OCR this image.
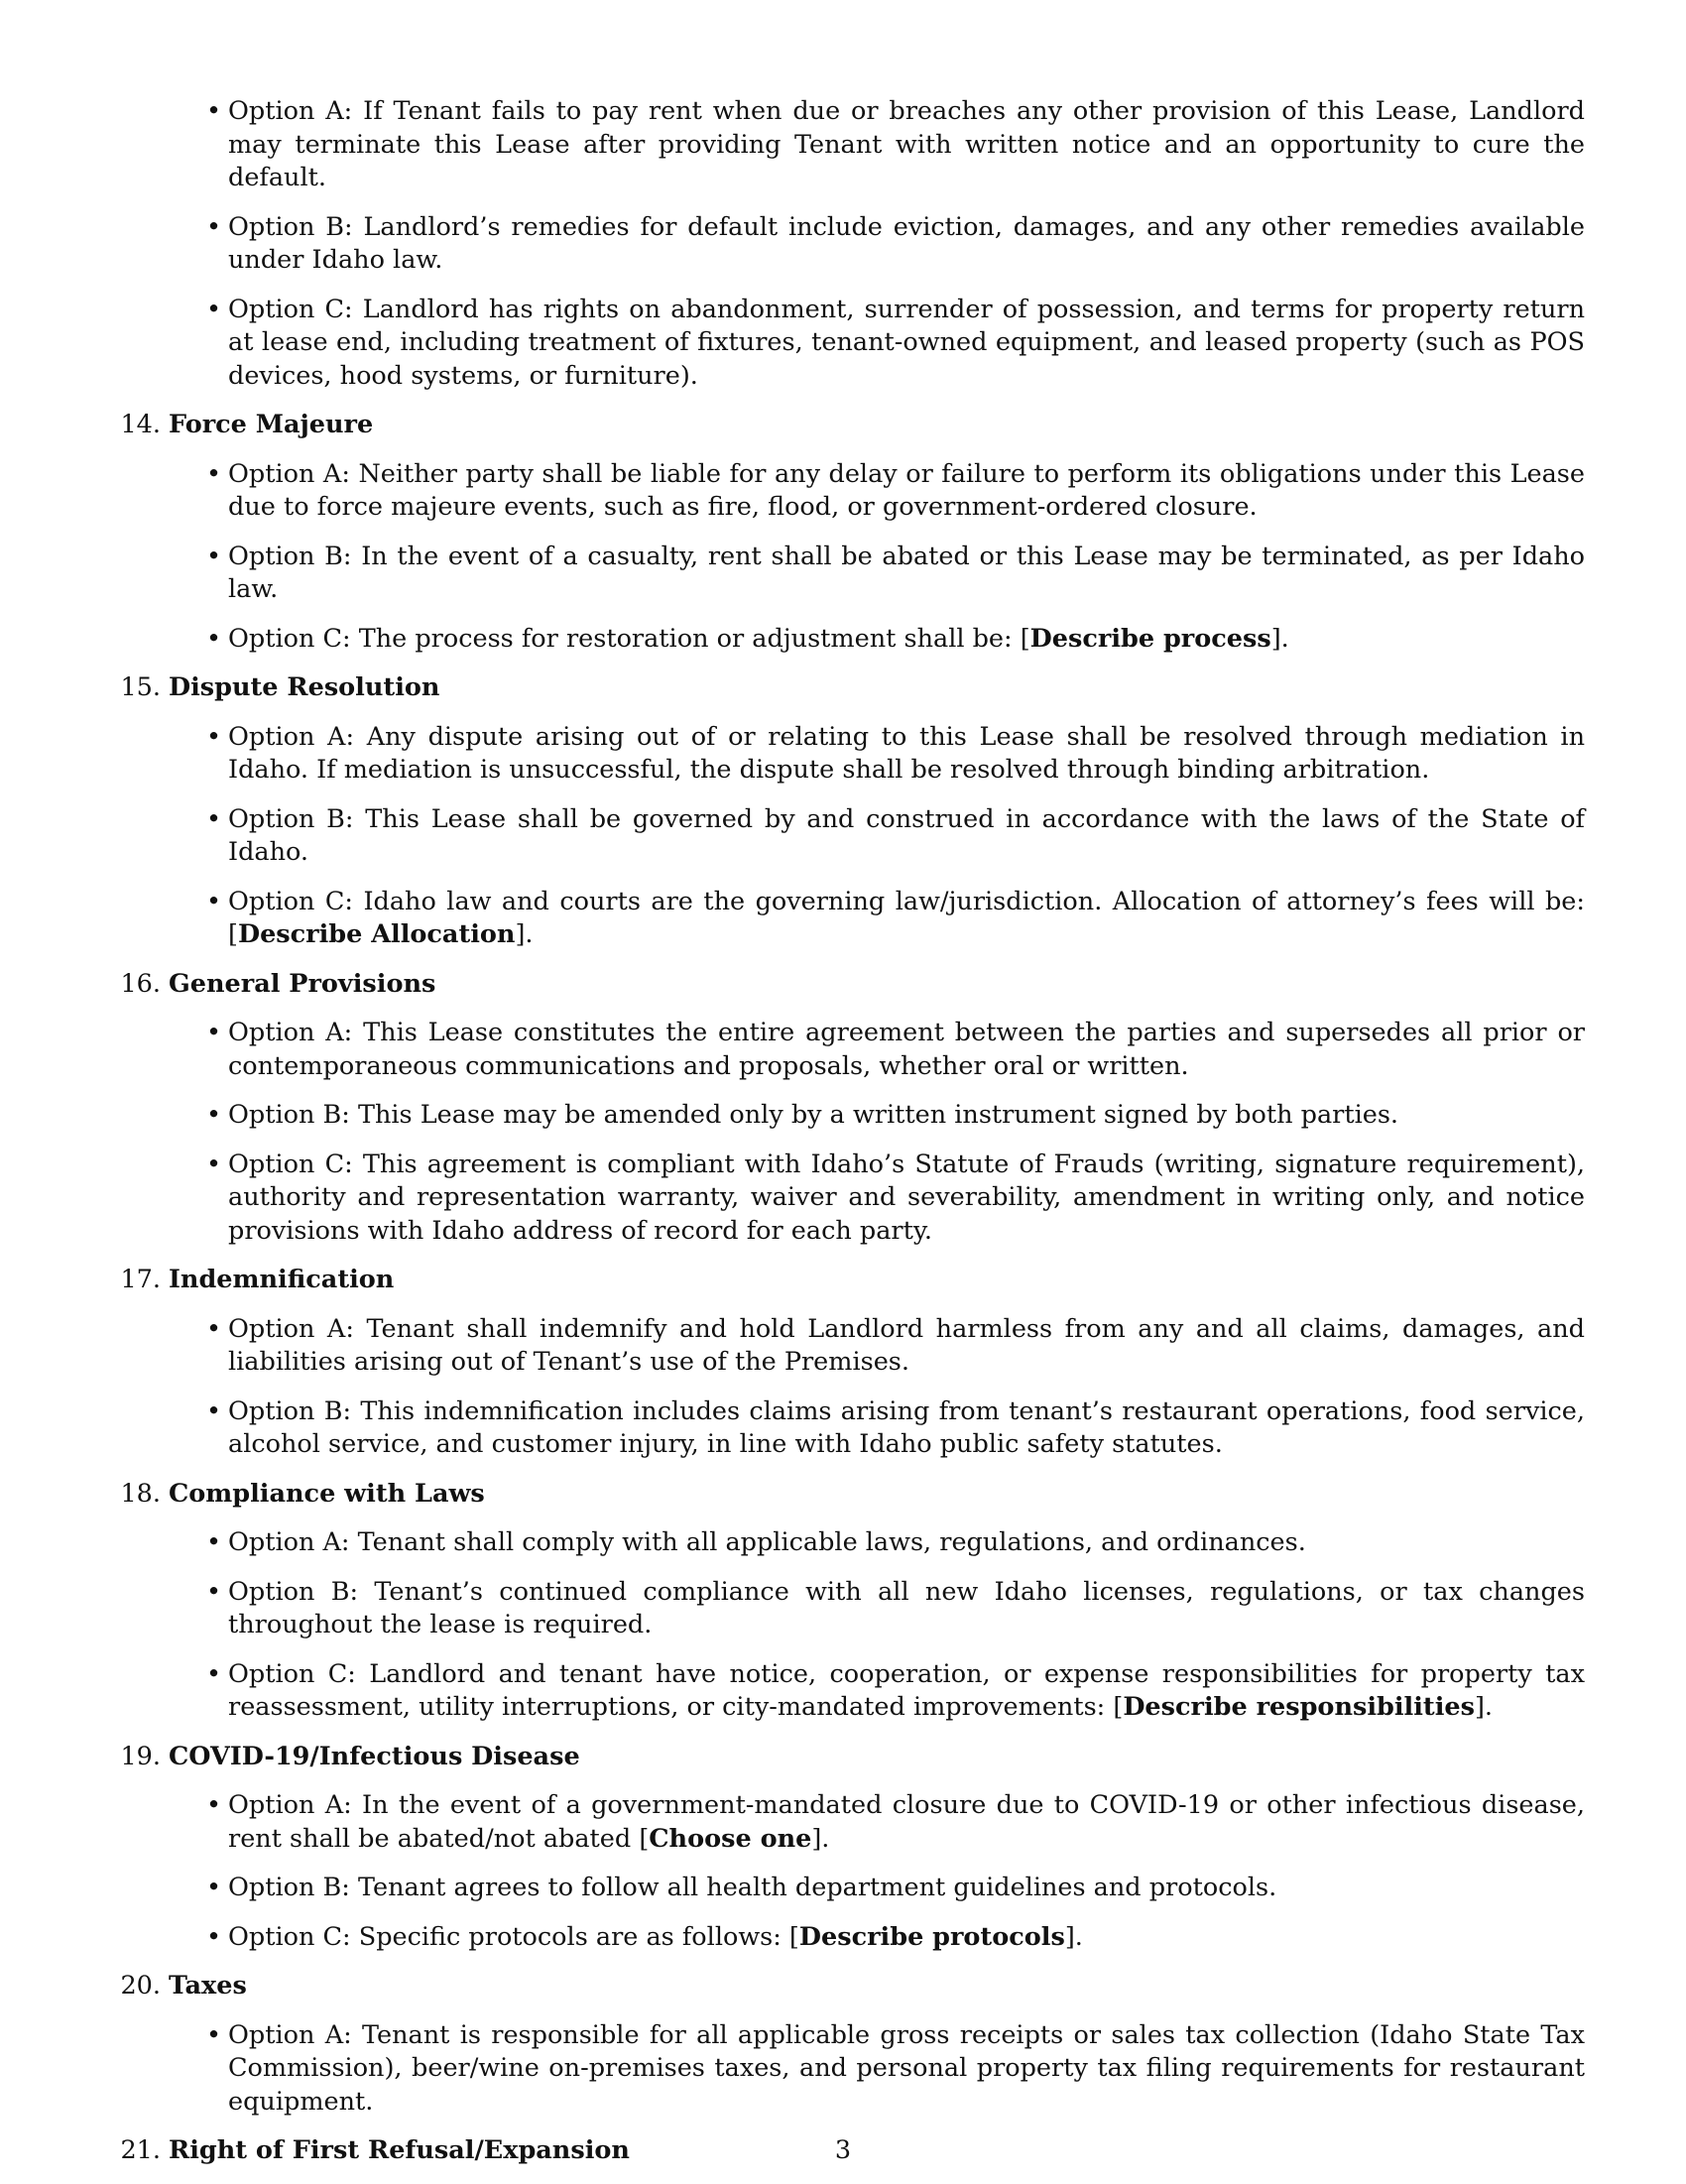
• Option A: If Tenant fails to pay rent when due or breaches any other provision of this Lease, Landlord may terminate this Lease after providing Tenant with written notice and an opportunity to cure the default.
• Option B: Landlord’s remedies for default include eviction, damages, and any other remedies available under Idaho law.
• Option C: Landlord has rights on abandonment, surrender of possession, and terms for property return at lease end, including treatment of fixtures, tenant-owned equipment, and leased property (such as POS devices, hood systems, or furniture).
14. Force Majeure
• Option A: Neither party shall be liable for any delay or failure to perform its obligations under this Lease due to force majeure events, such as fire, flood, or government-ordered closure.
• Option B: In the event of a casualty, rent shall be abated or this Lease may be terminated, as per Idaho law.
• Option C: The process for restoration or adjustment shall be: [Describe process].
15. Dispute Resolution
• Option A: Any dispute arising out of or relating to this Lease shall be resolved through mediation in Idaho. If mediation is unsuccessful, the dispute shall be resolved through binding arbitration.
• Option B: This Lease shall be governed by and construed in accordance with the laws of the State of Idaho.
• Option C: Idaho law and courts are the governing law/jurisdiction. Allocation of attorney’s fees will be: [Describe Allocation].
16. General Provisions
• Option A: This Lease constitutes the entire agreement between the parties and supersedes all prior or contemporaneous communications and proposals, whether oral or written.
• Option B: This Lease may be amended only by a written instrument signed by both parties.
• Option C: This agreement is compliant with Idaho’s Statute of Frauds (writing, signature requirement), authority and representation warranty, waiver and severability, amendment in writing only, and notice provisions with Idaho address of record for each party.
17. Indemnification
• Option A: Tenant shall indemnify and hold Landlord harmless from any and all claims, damages, and liabilities arising out of Tenant’s use of the Premises.
• Option B: This indemnification includes claims arising from tenant’s restaurant operations, food service, alcohol service, and customer injury, in line with Idaho public safety statutes.
18. Compliance with Laws
• Option A: Tenant shall comply with all applicable laws, regulations, and ordinances.
• Option B: Tenant’s continued compliance with all new Idaho licenses, regulations, or tax changes throughout the lease is required.
• Option C: Landlord and tenant have notice, cooperation, or expense responsibilities for property tax reassessment, utility interruptions, or city-mandated improvements: [Describe responsibilities].
19. COVID-19/Infectious Disease
• Option A: In the event of a government-mandated closure due to COVID-19 or other infectious disease, rent shall be abated/not abated [Choose one].
• Option B: Tenant agrees to follow all health department guidelines and protocols.
• Option C: Specific protocols are as follows: [Describe protocols].
20. Taxes
• Option A: Tenant is responsible for all applicable gross receipts or sales tax collection (Idaho State Tax Commission), beer/wine on-premises taxes, and personal property tax filing requirements for restaurant equipment.
21. Right of First Refusal/Expansion	3
